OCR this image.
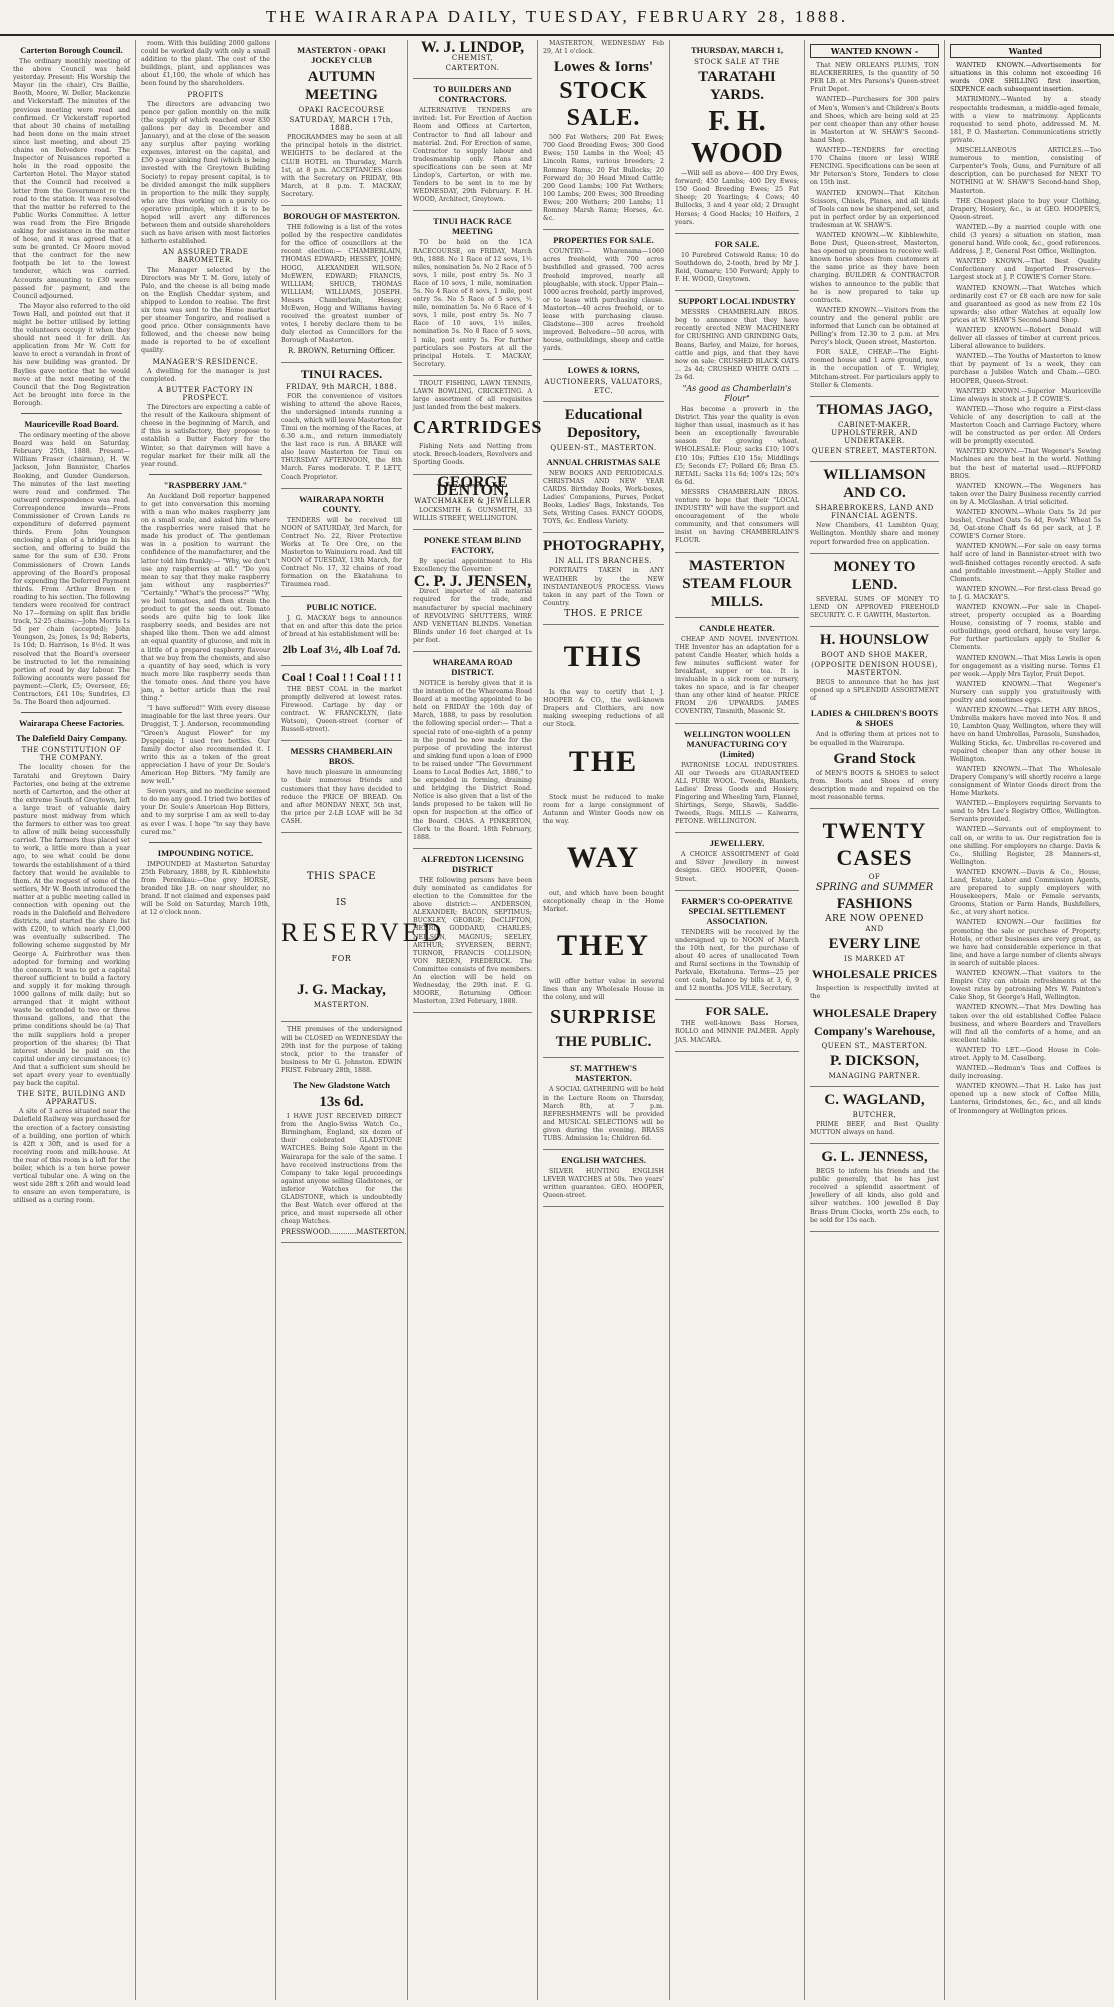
THE WAIRARAPA DAILY, TUESDAY, FEBRUARY 28, 1888.
Carterton Borough Council.

The ordinary monthly meeting of the above Council was held yesterday. Present: His Worship the Mayor (in the chair), Crs Baillie, Booth, Moore, W. Deller, Mackenzie and Vickerstaff. The minutes of the previous meeting were read and confirmed. Cr Vickerstaff reported that about 30 chains of metalling had been done on the main street since last meeting, and about 25 chains on Belvedere road. The Inspector of Nuisances reported a hole in the road opposite the Carterton Hotel. The Mayor stated that the Council had received a letter from the Government re the road to the station. It was resolved that the matter be referred to the Public Works Committee. A letter was read from the Fire Brigade asking for assistance in the matter of hose, and it was agreed that a sum be granted. Cr Moore moved that the contract for the new footpath be let to the lowest tenderer, which was carried. Accounts amounting to £30 were passed for payment, and the Council adjourned.

The Mayor also referred to the old Town Hall, and pointed out that it might be better utilised by letting the volunteers occupy it when they should not need it for drill. An application from Mr W. Cott for leave to erect a verandah in front of his new building was granted. Dr Baylies gave notice that he would move at the next meeting of the Council that the Dog Registration Act be brought into force in the Borough.

Mauriceville Road Board.

The ordinary meeting of the above Board was held on Saturday, February 25th, 1888. Present—William Fraser (chairman), H. W. Jackson, John Bannister, Charles Rooking, and Gunder Gunderson. The minutes of the last meeting were read and confirmed. The outward correspondence was read. Correspondence inwards—From Commissioner of Crown Lands re expenditure of deferred payment thirds. From John Youngson enclosing a plan of a bridge in his section, and offering to build the same for the sum of £30. From Commissioners of Crown Lands approving of the Board's proposal for expending the Deferred Payment thirds. From Arthur Brown re roading to his section. The following tenders were received for contract No 17—forming on split flax bridle track, 52·25 chains:—John Morris 1s 5d per chain (accepted); John Youngson, 2s; Jones, 1s 9d; Roberts, 1s 10d; D. Harrison, 1s 8½d. It was resolved that the Board's overseer be instructed to let the remaining portion of road by day labour. The following accounts were passed for payment:—Clerk, £5; Overseer, £6; Contractors, £41 10s; Sundries, £3 5s. The Board then adjourned.

Wairarapa Cheese Factories.
The Dalefield Dairy Company.
THE CONSTITUTION OF THE COMPANY.

The locality chosen for the Taratahi and Greytown Dairy Factories, one being at the extreme north of Carterton, and the other at the extreme South of Greytown, left a large tract of valuable dairy pasture most midway from which the farmers to either was too great to allow of milk being successfully carried. The farmers thus placed set to work, a little more than a year ago, to see what could be done towards the establishment of a third factory that would be available to them. At the request of some of the settlers, Mr W. Booth introduced the matter at a public meeting called in connection with opening out the roads in the Dalefield and Belvedere districts, and started the share list with £200, to which nearly £1,000 was eventually subscribed. The following scheme suggested by Mr George A. Fairbrother was then adopted for forming and working the concern. It was to get a capital thereof sufficient to build a factory and supply it for making through 1000 gallons of milk daily; but so arranged that it might without waste be extended to two or three thousand gallons, and that the prime conditions should be (a) That the milk suppliers hold a proper proportion of the shares; (b) That interest should be paid on the capital under any circumstances; (c) And that a sufficient sum should be set apart every year to eventually pay back the capital.

THE SITE, BUILDING AND APPARATUS.

A site of 3 acres situated near the Dalefield Railway was purchased for the erection of a factory consisting of a building, one portion of which is 42ft x 30ft, and is used for a receiving room and milk-house. At the rear of this room is a loft for the boiler, which is a ten horse power vertical tubular one. A wing on the west side 28ft x 26ft and would lead to ensure an even temperature, is utilised as a curing room.

room. With this building 2000 gallons could be worked daily with only a small addition to the plant. The cost of the buildings, plant, and appliances was about £1,100, the whole of which has been found by the shareholders.

PROFITS

The directors are advancing two pence per gallon monthly on the milk (the supply of which reached over 830 gallons per day in December and January), and at the close of the season any surplus after paying working expenses, interest on the capital, and £50 a-year sinking fund (which is being invested with the Greytown Building Society) to repay present capital, is to be divided amongst the milk suppliers in proportion to the milk they supply, who are thus working on a purely co-operative principle, which it is to be hoped will avert any differences between them and outside shareholders such as have arisen with most factories hitherto established.

AN ASSURED TRADE BAROMETER.

The Manager selected by the Directors was Mr T. M. Gore, lately of Palo, and the cheese is all being made on the English Cheddar system, and shipped to London to realise. The first six tons was sent to the Home market per steamer Tongariro, and realised a good price. Other consignments have followed, and the cheese now being made is reported to be of excellent quality.

MANAGER'S RESIDENCE.

A dwelling for the manager is just completed.

A BUTTER FACTORY IN PROSPECT.

The Directors are expecting a cable of the result of the Kaikoura shipment of cheese in the beginning of March, and if this is satisfactory, they propose to establish a Butter Factory for the Winter, so that dairymen will have a regular market for their milk all the year round.

"RASPBERRY JAM."

An Auckland Doll reporter happened to get into conversation this morning with a man who makes raspberry jam on a small scale, and asked him where the raspberries were raised that he made his product of. The gentleman was in a position to warrant the confidence of the manufacturer, and the latter told him frankly:— "Why, we don't use any raspberries at all." "Do you mean to say that they make raspberry jam without any raspberries?" "Certainly." "What's the process?" "Why, we boil tomatoes, and then strain the product to get the seeds out. Tomato seeds are quite big to look like raspberry seeds, and besides are not shaped like them. Then we add almost an equal quantity of glucose, and mix in a little of a prepared raspberry flavour that we buy from the chemists, and also a quantity of hay seed, which is very much more like raspberry seeds than the tomato ones. And there you have jam, a better article than the real thing."

"I have suffered!" With every disease imaginable for the last three years. Our Druggist, T. J. Anderson, recommending "Green's August Flower" for my Dyspepsia; I used two bottles. Our family doctor also recommended it. I write this as a token of the great appreciation I have of your Dr. Soule's American Hop Bitters. "My family are now well."

Seven years, and no medicine seemed to do me any good. I tried two bottles of your Dr. Soule's American Hop Bitters, and to my surprise I am as well to-day as ever I was. I hope "to say they have cured me."

IMPOUNDING NOTICE.

IMPOUNDED at Masterton Saturday 25th February, 1888, by R. Kibblewhite from Perenikau:—One grey HORSE, branded like J.B. on near shoulder, no brand. If not claimed and expenses paid will be Sold on Saturday, March 10th, at 12 o'clock noon.

MASTERTON - OPAKI JOCKEY CLUB
AUTUMN MEETING
OPAKI RACECOURSE
SATURDAY, MARCH 17th, 1888.

PROGRAMMES may be seen at all the principal hotels in the district. WEIGHTS to be declared at the CLUB HOTEL on Thursday, March 1st, at 8 p.m. ACCEPTANCES close with the Secretary on FRIDAY, 9th March, at 8 p.m. T. MACKAY, Secretary.

BOROUGH OF MASTERTON.

THE following is a list of the votes polled by the respective candidates for the office of councillors at the recent election:— CHAMBERLAIN, THOMAS EDWARD; HESSEY, JOHN; HOGG, ALEXANDER WILSON; McEWEN, EDWARD; FRANCIS, WILLIAM; SHUCB, THOMAS WILLIAM; WILLIAMS, JOSEPH. Messrs Chamberlain, Hessey, McEwen, Hogg and Williams having received the greatest number of votes, I hereby declare them to be duly elected as Councillors for the Borough of Masterton.

R. BROWN, Returning Officer.
TINUI RACES.
FRIDAY, 9th MARCH, 1888.

FOR the convenience of visitors wishing to attend the above Races, the undersigned intends running a coach, which will leave Masterton for Tinui on the morning of the Races, at 6.30 a.m., and return immediately the last race is run. A BRAKE will also leave Masterton for Tinui on THURSDAY AFTERNOON, the 8th March. Fares moderate. T. P. LETT, Coach Proprietor.

WAIRARAPA NORTH COUNTY.

TENDERS will be received till NOON of SATURDAY, 3rd March, for Contract No. 22, River Protective Works at Te Ore Ore, on the Masterton to Wainuioru road. And till NOON of TUESDAY, 13th March, for Contract No. 17, 32 chains of road formation on the Ekatahuna to Tiraumea road.

PUBLIC NOTICE.

J. G. MACKAY begs to announce that on and after this date the price of bread at his establishment will be:

2lb Loaf 3½, 4lb Loaf 7d.
Coal ! Coal ! ! Coal ! ! !

THE BEST COAL in the market promptly delivered at lowest rates. Firewood. Cartage by day or contract. W. FRANCKLYN, (late Watson), Queen-street (corner of Russell-street).

MESSRS CHAMBERLAIN BROS.

have much pleasure in announcing to their numerous friends and customers that they have decided to reduce the PRICE OF BREAD. On and after MONDAY NEXT, 5th inst, the price per 2-LB LOAF will be 3d CASH.

THIS SPACE
IS
RESERVED
FOR
J. G. Mackay,
MASTERTON.

THE premises of the undersigned will be CLOSED on WEDNESDAY the 29th inst for the purpose of taking stock, prior to the transfer of business to Mr G. Johnston. EDWIN FRIST. February 28th, 1888.

The New Gladstone Watch
13s 6d.

I HAVE JUST RECEIVED DIRECT from the Anglo-Swiss Watch Co., Birmingham, England, six dozen of their celebrated GLADSTONE WATCHES. Being Sole Agent in the Wairarapa for the sale of the same. I have received instructions from the Company to take legal proceedings against anyone selling Gladstones, or inferior Watches for the GLADSTONE, which is undoubtedly the Best Watch ever offered at the price, and must supersede all other cheap Watches.

PRESSWOOD............MASTERTON.
W. J. LINDOP,
CHEMIST,
CARTERTON.
TO BUILDERS AND CONTRACTORS.

ALTERNATIVE TENDERS are invited: 1st. For Erection of Auction Room and Offices at Carterton, Contractor to find all labour and material. 2nd. For Erection of same, Contractor to supply labour and tradesmanship only. Plans and specifications can be seen at Mr Lindop's, Carterton, or with me. Tenders to be sent in to me by WEDNESDAY, 29th February. F. H. WOOD, Architect, Greytown.

TINUI HACK RACE MEETING

TO be held on the 1CA RACECOURSE, on FRIDAY, March 9th, 1888. No 1 Race of 12 sovs, 1½ miles, nomination 5s. No 2 Race of 5 sovs, 1 mile, post entry 5s. No 3 Race of 10 sovs, 1 mile, nomination 5s. No 4 Race of 8 sovs, 1 mile, post entry 5s. No 5 Race of 5 sovs, ½ mile, nomination 5s. No 6 Race of 4 sovs, 1 mile, post entry 5s. No 7 Race of 10 sovs, 1½ miles, nomination 5s. No 8 Race of 5 sovs, 1 mile, post entry 5s. For further particulars see Posters at all the principal Hotels. T. MACKAY, Secretary.

TROUT FISHING, LAWN TENNIS, LAWN BOWLING, CRICKETING. A large assortment of all requisites just landed from the best makers.

CARTRIDGES

Fishing Nets and Netting from stock. Breech-loaders, Revolvers and Sporting Goods.

GEORGE DENTON,
WATCHMAKER & JEWELLER

LOCKSMITH & GUNSMITH, 33 WILLIS STREET, WELLINGTON.

PONEKE STEAM BLIND FACTORY,

By special appointment to His Excellency the Governor.

C. P. J. JENSEN,

Direct importer of all material required for the trade, and manufacturer by special machinery of REVOLVING SHUTTERS, WIRE AND VENETIAN BLINDS. Venetian Blinds under 16 feet charged at 1s per foot.

WHAREAMA ROAD DISTRICT.

NOTICE is hereby given that it is the intention of the Whareama Road Board at a meeting appointed to be held on FRIDAY the 16th day of March, 1888, to pass by resolution the following special order:— That a special rate of one-eighth of a penny in the pound be now made for the purpose of providing the interest and sinking fund upon a loan of £900 to be raised under "The Government Loans to Local Bodies Act, 1886," to be expended in forming, draining and bridging the District Road. Notice is also given that a list of the lands proposed to be taken will lie open for inspection at the office of the Board. CHAS. A PINKERTON, Clerk to the Board. 18th February, 1888.

ALFREDTON LICENSING DISTRICT

THE following persons have been duly nominated as candidates for election to the Committee for the above district:— ANDERSON, ALEXANDER; BACON, SEPTIMUS; BUCKLEY, GEORGE; DeCLIFTON, HENRI; GODDARD, CHARLES; NEILSON, MAGNUS; SEELEY, ARTHUR; SYVERSEN, BERNT; TURNOR, FRANCIS COLLISON; VON REDEN, FREDERICK. The Committee consists of five members. An election will be held on Wednesday, the 29th inst. F. G. MOORE, Returning Officer. Masterton, 23rd February, 1888.

MASTERTON, WEDNESDAY Feb 29, At 1 o'clock.

Lowes & Iorns'
STOCK SALE.

500 Fat Wethers; 200 Fat Ewes; 700 Good Breeding Ewes; 300 Good Ewes; 150 Lambs in the Wool; 45 Lincoln Rams, various breeders; 2 Romney Rams; 20 Fat Bullocks; 20 Forward do; 30 Head Mixed Cattle; 200 Good Lambs; 100 Fat Wethers; 100 Lambs; 200 Ewes; 300 Breeding Ewes; 200 Wethers; 200 Lambs; 11 Romney Marsh Rams; Horses, &c. &c.

PROPERTIES FOR SALE.

COUNTRY:— Wharenama—1060 acres freehold, with 700 acres bushfelled and grassed. 700 acres freehold improved, nearly all ploughable, with stock. Upper Plain—1000 acres freehold, partly improved, or to lease with purchasing clause. Masterton—40 acres freehold, or to lease with purchasing clause. Gladstone—300 acres freehold improved. Belvedere—50 acres, with house, outbuildings, sheep and cattle yards.

LOWES & IORNS,
AUCTIONEERS, VALUATORS, ETC.
Educational Depository,
QUEEN-ST., MASTERTON.
ANNUAL CHRISTMAS SALE

NEW BOOKS AND PERIODICALS. CHRISTMAS AND NEW YEAR CARDS. Birthday Books, Work-boxes, Ladies' Companions, Purses, Pocket Books, Ladies' Bags, Inkstands, Tea Sets, Writing Cases. FANCY GOODS, TOYS, &c. Endless Variety.

PHOTOGRAPHY,
IN ALL ITS BRANCHES.

PORTRAITS TAKEN in ANY WEATHER by the NEW INSTANTANEOUS PROCESS. Views taken in any part of the Town or Country.

THOS. E PRICE
THIS

Is the way to certify that I, J. HOOPER & CO., the well-known Drapers and Clothiers, are now making sweeping reductions of all our Stock.

THE

Stock must be reduced to make room for a large consignment of Autumn and Winter Goods now on the way.

WAY

out, and which have been bought exceptionally cheap in the Home Market.

THEY

will offer better value in several lines than any Wholesale House in the colony, and will

SURPRISE
THE PUBLIC.
ST. MATTHEW'S MASTERTON.

A SOCIAL GATHERING will be held in the Lecture Room on Thursday, March 8th, at 7 p.m. REFRESHMENTS will be provided and MUSICAL SELECTIONS will be given during the evening. BRASS TUBS. Admission 1s; Children 6d.

ENGLISH WATCHES.

SILVER HUNTING ENGLISH LEVER WATCHES at 50s. Two years' written guarantee. GEO. HOOPER, Queen-street.

THURSDAY, MARCH 1,
STOCK SALE AT THE
TARATAHI YARDS.
F. H. WOOD

—Will sell as above— 400 Dry Ewes, forward; 450 Lambs; 400 Dry Ewes; 150 Good Breeding Ewes; 25 Fat Sheep; 20 Yearlings; 4 Cows; 40 Bullocks, 3 and 4 year old; 2 Draught Horses; 4 Good Hacks; 10 Heifers, 2 years.

FOR SALE.

10 Purebred Cotswold Rams; 10 do Southdown do, 2-tooth, bred by Mr J. Reid, Oamaru; 150 Forward; Apply to F. H. WOOD, Greytown.

SUPPORT LOCAL INDUSTRY

MESSRS CHAMBERLAIN BROS. beg to announce that they have recently erected NEW MACHINERY for CRUSHING AND GRINDING Oats, Beans, Barley, and Maize, for horses, cattle and pigs, and that they have now on sale: CRUSHED BLACK OATS ... 2s 4d; CRUSHED WHITE OATS ... 2s 6d.

"As good as Chamberlain's Flour"

Has become a proverb in the District. This year the quality is even higher than usual, inasmuch as it has been an exceptionally favourable season for growing wheat. WHOLESALE: Flour, sacks £10; 100's £10 10s; Fifties £10 15s; Middlings £5; Seconds £7; Pollard £6; Bran £5. RETAIL: Sacks 11s 6d; 100's 12s; 50's 6s 6d.

MESSRS CHAMBERLAIN BROS. venture to hope that their "LOCAL INDUSTRY" will have the support and encouragement of the whole community, and that consumers will insist on having CHAMBERLAIN'S FLOUR.

MASTERTON STEAM FLOUR MILLS.
CANDLE HEATER.

CHEAP AND NOVEL INVENTION. THE Inventor has an adaptation for a patent Candle Heater, which holds a few minutes sufficient water for breakfast, supper or tea. It is invaluable in a sick room or nursery, takes no space, and is far cheaper than any other kind of heater. PRICE FROM 2/6 UPWARDS. JAMES COVENTRY, Tinsmith, Masonic St.

WELLINGTON WOOLLEN MANUFACTURING CO'Y (Limited)

PATRONISE LOCAL INDUSTRIES. All our Tweeds are GUARANTEED ALL PURE WOOL. Tweeds, Blankets, Ladies' Dress Goods and Hosiery. Fingering and Wheeling Yarn, Flannel, Shirtings, Serge, Shawls, Saddle-Tweeds, Rugs. MILLS — Kaiwarra, PETONE. WELLINGTON.

JEWELLERY.

A CHOICE ASSORTMENT of Gold and Silver Jewellery in newest designs. GEO. HOOPER, Queen-Street.

FARMER'S CO-OPERATIVE SPECIAL SETTLEMENT ASSOCIATION.

TENDERS will be received by the undersigned up to NOON of March the 10th next, for the purchase of about 40 acres of unallocated Town and Rural sections in the Township of Parkvale, Eketahuna. Terms—25 per cent cash, balance by bills at 3, 6, 9 and 12 months. JOS VILE, Secretary.

FOR SALE.

THE well-known Bass Horses, ROLLO and MINNIE PALMER. Apply JAS. MACARA.

WANTED KNOWN -

That NEW ORLEANS PLUMS, TON BLACKBERRIES, Is the quantity of 50 PER LB. at Mrs Parsons's Queen-street Fruit Depot.

WANTED—Purchasers for 300 pairs of Men's, Women's and Children's Boots and Shoes, which are being sold at 25 per cent cheaper than any other house in Masterton at W. SHAW'S Second-hand Shop.

WANTED—TENDERS for erecting 170 Chains (more or less) WIRE FENCING. Specifications can be seen at Mr Peterson's Store, Tenders to close on 15th inst.

WANTED KNOWN—That Kitchen Scissors, Chisels, Planes, and all kinds of Tools can now be sharpened, set, and put in perfect order by an experienced tradesman at W. SHAW'S.

WANTED KNOWN.—W. Kibblewhite, Bone Dust, Queen-street, Masterton, has opened up premises to receive well-known horse shoes from customers at the same price as they have been charging. BUILDER & CONTRACTOR wishes to announce to the public that he is now prepared to take up contracts.

WANTED KNOWN.—Visitors from the country and the general public are informed that Lunch can be obtained at Pelling's from 12.30 to 2 p.m. at Mrs Percy's block, Queen street, Masterton.

FOR SALE, CHEAP.—The Eight-roomed house and 1 acre ground, now in the occupation of T. Wrigley, Mitcham-street. For particulars apply to Steller & Clements.

THOMAS JAGO,
CABINET-MAKER, UPHOLSTERER, AND UNDERTAKER.
QUEEN STREET, MASTERTON.
WILLIAMSON AND CO.
SHAREBROKERS, LAND AND FINANCIAL AGENTS.

New Chambers, 41 Lambton Quay, Wellington. Monthly share and money report forwarded free on application.

MONEY TO LEND.

SEVERAL SUMS OF MONEY TO LEND ON APPROVED FREEHOLD SECURITY. C. F. GAWITH, Masterton.

H. HOUNSLOW
BOOT AND SHOE MAKER,
(OPPOSITE DENISON HOUSE), MASTERTON.

BEGS to announce that he has just opened up a SPLENDID ASSORTMENT of

LADIES & CHILDREN'S BOOTS & SHOES

And is offering them at prices not to be equalled in the Wairarapa.

Grand Stock

of MEN'S BOOTS & SHOES to select from. Boots and Shoes of every description made and repaired on the most reasonable terms.

TWENTY CASES
OF
SPRING and SUMMER
FASHIONS
ARE NOW OPENED
AND
EVERY LINE
IS MARKED AT
WHOLESALE PRICES

Inspection is respectfully invited at the

WHOLESALE Drapery Company's Warehouse,
QUEEN ST., MASTERTON.
P. DICKSON,
MANAGING PARTNER.
C. WAGLAND,
BUTCHER,

PRIME BEEF, and Best Quality MUTTON always on hand.

G. L. JENNESS,

BEGS to inform his friends and the public generally, that he has just received a splendid assortment of Jewellery of all kinds, also gold and silver watches. 100 jewelled 8 Day Brass Drum Clocks, worth 25s each, to be sold for 15s each.

Wanted

WANTED KNOWN.—Advertisements for situations in this column not exceeding 16 words ONE SHILLING first insertion, SIXPENCE each subsequent insertion.

MATRIMONY.—Wanted by a steady respectable tradesman, a middle-aged female, with a view to matrimony. Applicants requested to send photo, addressed M. M. 181, P. O. Masterton. Communications strictly private.

MISCELLANEOUS ARTICLES.—Too numerous to mention, consisting of Carpenter's Tools, Guns, and Furniture of all description, can be purchased for NEXT TO NOTHING at W. SHAW'S Second-hand Shop, Masterton.

THE Cheapest place to buy your Clothing, Drapery, Hosiery, &c., is at GEO. HOOPER'S, Queen-street.

WANTED.—By a married couple with one child (3 years) a situation on station, man general hand. Wife cook, &c., good references. Address, J. P., General Post Office, Wellington.

WANTED KNOWN.—That Best Quality Confectionery and Imported Preserves—Largest stock at J. P. COWIE'S Corner Store.

WANTED KNOWN.—That Watches which ordinarily cost £7 or £8 each are now for sale and guaranteed as good as new from £2 10s upwards; also other Watches at equally low prices at W. SHAW'S Second-hand Shop.

WANTED KNOWN.—Robert Donald will deliver all classes of timber at current prices. Liberal allowance to builders.

WANTED.—The Youths of Masterton to know that by payment of 1s a week, they can purchase a Jubilee Watch and Chain.—GEO. HOOPER, Queen-Street.

WANTED KNOWN.—Superior Mauriceville Lime always in stock at J. P. COWIE'S.

WANTED.—Those who require a First-class Vehicle of any description to call at the Masterton Coach and Carriage Factory, where will be constructed as per order. All Orders will be promptly executed.

WANTED KNOWN.—That Wegener's Sewing Machines are the best in the world. Nothing but the best of material used.—RUFFORD BROS.

WANTED KNOWN.—The Wegeners has taken over the Dairy Business recently carried on by A. McGlashan. A trial solicited.

WANTED KNOWN.—Whole Oats 5s 2d per bushel, Crushed Oats 5s 4d, Fowls' Wheat 5s 3d, Oat-stone Chaff 4s 6d per sack, at J. P. COWIE'S Corner Store.

WANTED KNOWN.—For sale on easy terms half acre of land in Bannister-street with two well-finished cottages recently erected. A safe and profitable investment.—Apply Steller and Clements.

WANTED KNOWN.—For first-class Bread go to J. G. MACKAY'S.

WANTED KNOWN.—For sale in Chapel-street, property occupied as a Boarding House, consisting of 7 rooms, stable and outbuildings, good orchard, house very large. For further particulars apply to Steller & Clements.

WANTED KNOWN.—That Miss Lewis is open for engagement as a visiting nurse. Terms £1 per week.—Apply Mrs Taylor, Fruit Depot.

WANTED KNOWN.—That Wegener's Nursery can supply you gratuitously with poultry and sometimes eggs.

WANTED KNOWN.—That LETH ARY BROS., Umbrella makers have moved into Nos. 8 and 10, Lambton Quay, Wellington, where they will have on hand Umbrellas, Parasols, Sunshades, Walking Sticks, &c. Umbrellas re-covered and repaired cheaper than any other house in Wellington.

WANTED KNOWN.—That The Wholesale Drapery Company's will shortly receive a large consignment of Winter Goods direct from the Home Markets.

WANTED.—Employers requiring Servants to send to Mrs Lee's Registry Office, Wellington. Servants provided.

WANTED.—Servants out of employment to call on, or write to us. Our registration fee is one shilling. For employers no charge. Davis & Co., Shilling Register, 28 Manners-st, Wellington.

WANTED KNOWN.—Davis & Co., House, Land, Estate, Labor and Commission Agents, are prepared to supply employers with Housekeepers, Male or Female servants, Grooms, Station or Farm Hands, Bushfellers, &c., at very short notice.

WANTED KNOWN.—Our facilities for promoting the sale or purchase of Property, Hotels, or other businesses are very great, as we have had considerable experience in that line, and have a large number of clients always in search of suitable places.

WANTED KNOWN.—That visitors to the Empire City can obtain refreshments at the lowest rates by patronising Mrs W. Painton's Cake Shop, St George's Hall, Wellington.

WANTED KNOWN.—That Mrs Dowling has taken over the old established Coffee Palace business, and where Boarders and Travellers will find all the comforts of a home, and an excellent table.

WANTED TO LET.—Good House in Cole-street. Apply to M. Caselberg.

WANTED.—Redman's Teas and Coffees is daily increasing.

WANTED KNOWN.—That H. Lake has just opened up a new stock of Coffee Mills, Lanterns, Grindstones, &c., &c., and all kinds of Ironmongery at Wellington prices.
